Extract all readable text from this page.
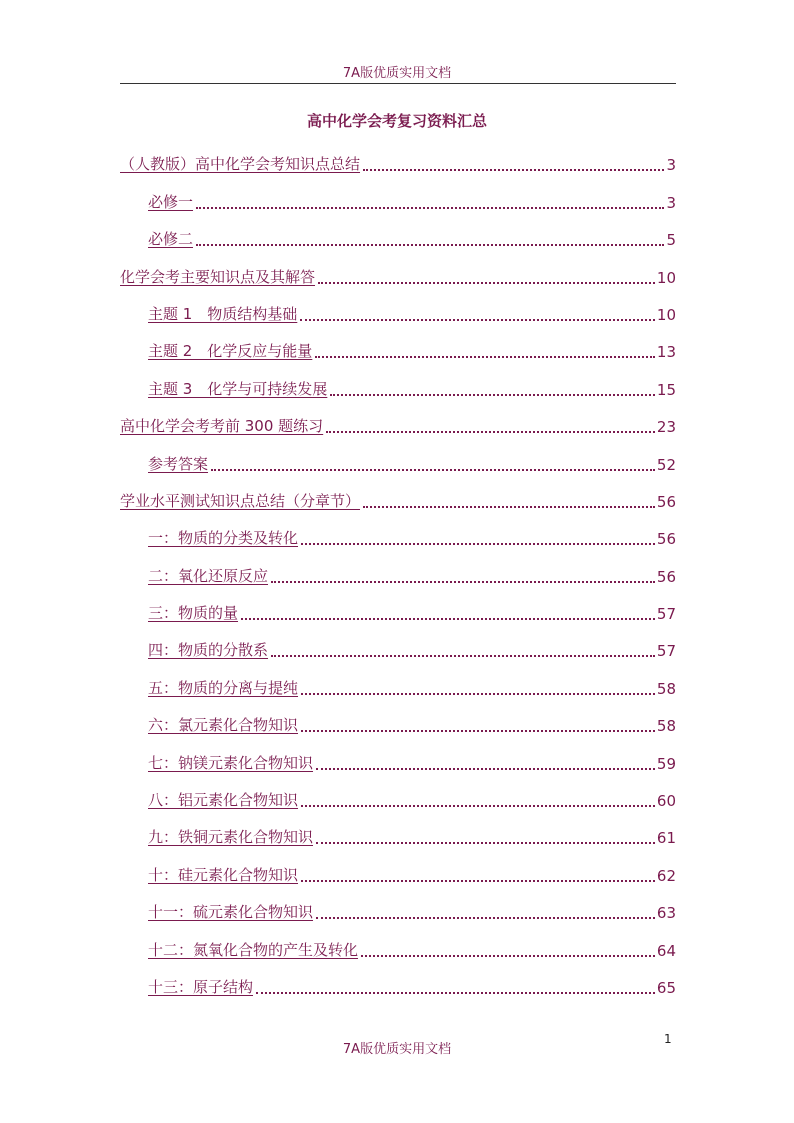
7A版优质实用文档
高中化学会考复习资料汇总
（人教版）高中化学会考知识点总结	3
必修一	3
必修二	5
化学会考主要知识点及其解答	10
主题 1　物质结构基础	10
主题 2　化学反应与能量	13
主题 3　化学与可持续发展	15
高中化学会考考前 300 题练习	23
参考答案	52
学业水平测试知识点总结（分章节）	56
一：物质的分类及转化	56
二：氧化还原反应	56
三：物质的量	57
四：物质的分散系	57
五：物质的分离与提纯	58
六：氯元素化合物知识	58
七：钠镁元素化合物知识	59
八：铝元素化合物知识	60
九：铁铜元素化合物知识	61
十：硅元素化合物知识	62
十一：硫元素化合物知识	63
十二：氮氧化合物的产生及转化	64
十三：原子结构	65
1
7A版优质实用文档
